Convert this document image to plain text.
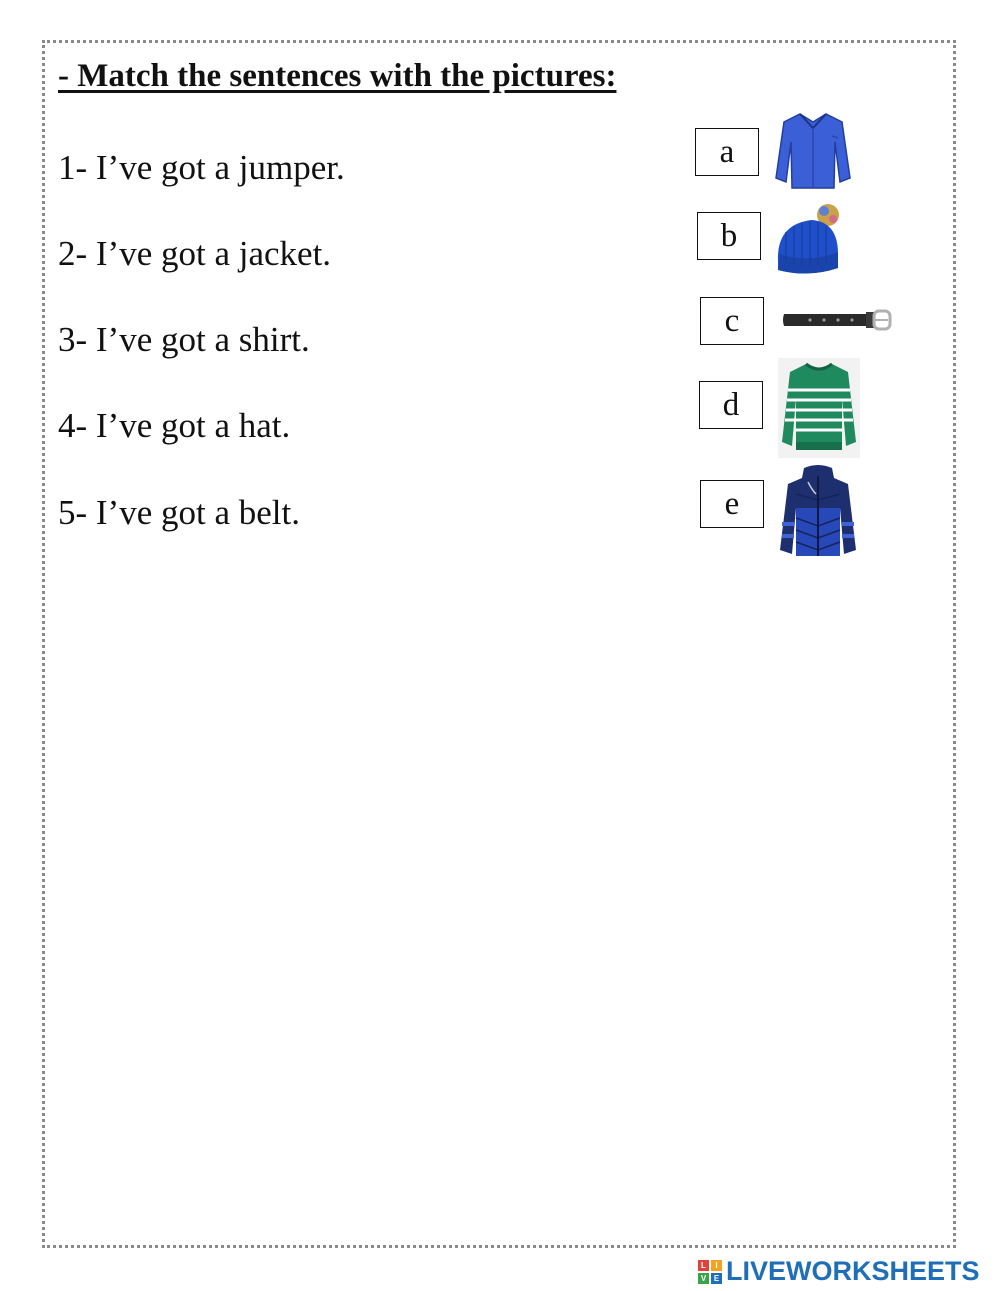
- Match the sentences with the pictures:
1- I’ve got a jumper.
2- I’ve got a jacket.
3- I’ve got a shirt.
4- I’ve got a hat.
5- I’ve got a belt.
a
b
c
d
e
L	I
V E LIVEWORKSHEETS
